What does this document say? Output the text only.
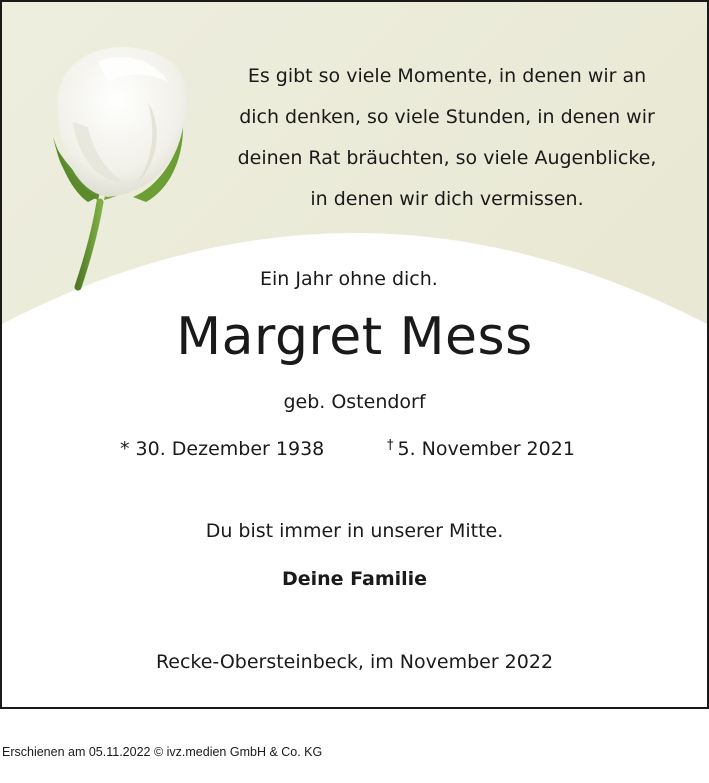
Es gibt so viele Momente, in denen wir an
dich denken, so viele Stunden, in denen wir
deinen Rat bräuchten, so viele Augenblicke,
in denen wir dich vermissen.
Ein Jahr ohne dich.
Margret Mess
geb. Ostendorf
* 30. Dezember 1938	† 5. November 2021
Du bist immer in unserer Mitte.
Deine Familie
Recke-Obersteinbeck, im November 2022
Erschienen am 05.11.2022 © ivz.medien GmbH & Co. KG
